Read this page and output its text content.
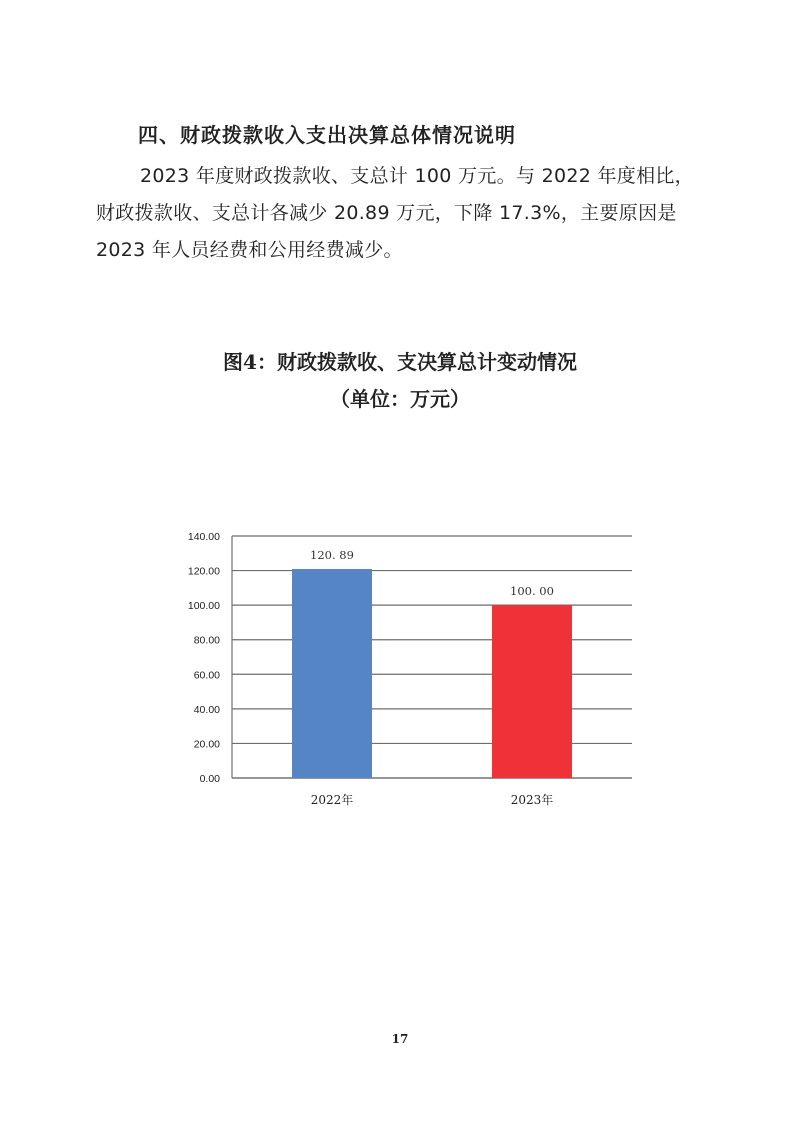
四、财政拨款收入支出决算总体情况说明

2023 年度财政拨款收、支总计 100 万元。与 2022 年度相比，
财政拨款收、支总计各减少 20.89 万元，下降 17.3%，主要原因是
2023 年人员经费和公用经费减少。

图4：财政拨款收、支决算总计变动情况
（单位：万元）
0.00
20.00
40.00
60.00
80.00
100.00
120.00
140.00
120. 89
2022年
100. 00
2023年
17
